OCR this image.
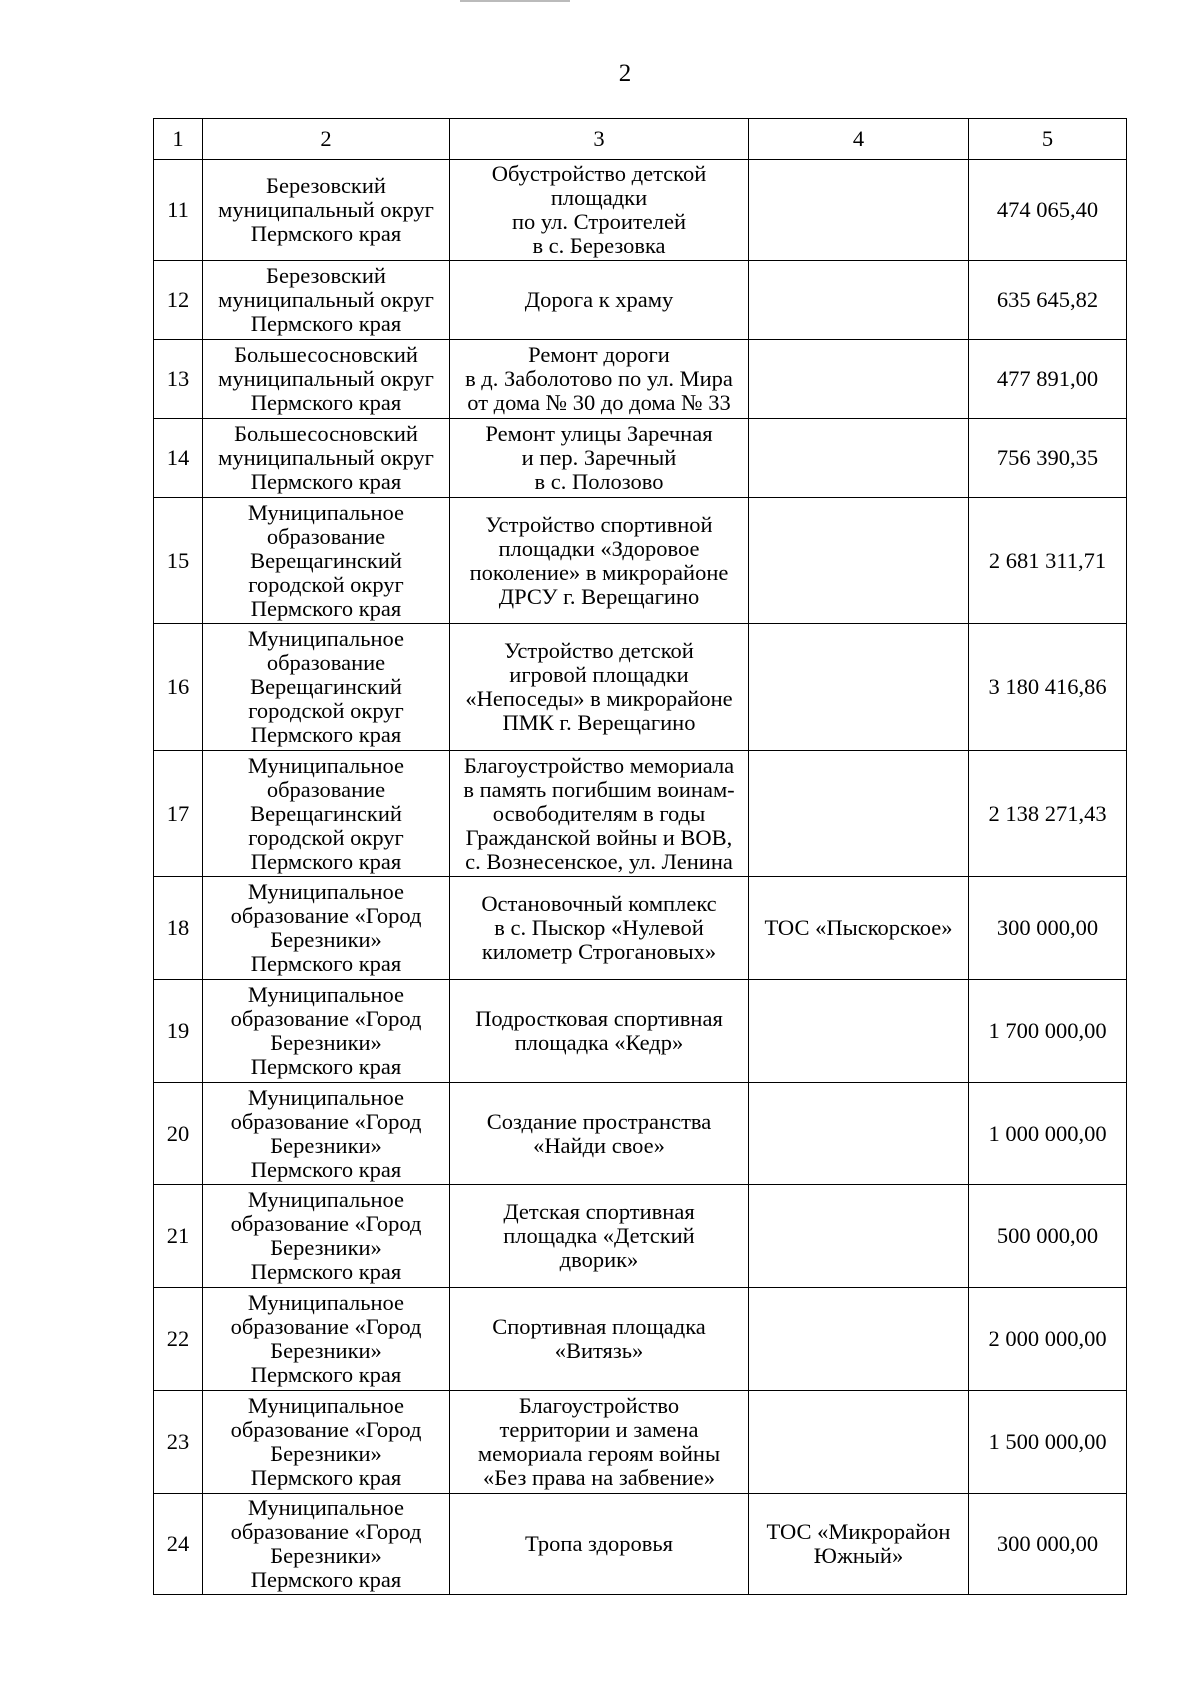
2
1	2	3	4	5
11	Березовский
муниципальный округ
Пермского края	Обустройство детской
площадки
по ул. Строителей
в с. Березовка		474 065,40
12	Березовский
муниципальный округ
Пермского края	Дорога к храму		635 645,82
13	Большесосновский
муниципальный округ
Пермского края	Ремонт дороги
в д. Заболотово по ул. Мира
от дома № 30 до дома № 33		477 891,00
14	Большесосновский
муниципальный округ
Пермского края	Ремонт улицы Заречная
и пер. Заречный
в с. Полозово		756 390,35
15	Муниципальное
образование
Верещагинский
городской округ
Пермского края	Устройство спортивной
площадки «Здоровое
поколение» в микрорайоне
ДРСУ г. Верещагино		2 681 311,71
16	Муниципальное
образование
Верещагинский
городской округ
Пермского края	Устройство детской
игровой площадки
«Непоседы» в микрорайоне
ПМК г. Верещагино		3 180 416,86
17	Муниципальное
образование
Верещагинский
городской округ
Пермского края	Благоустройство мемориала
в память погибшим воинам-
освободителям в годы
Гражданской войны и ВОВ,
с. Вознесенское, ул. Ленина		2 138 271,43
18	Муниципальное
образование «Город
Березники»
Пермского края	Остановочный комплекс
в с. Пыскор «Нулевой
километр Строгановых»	ТОС «Пыскорское»	300 000,00
19	Муниципальное
образование «Город
Березники»
Пермского края	Подростковая спортивная
площадка «Кедр»		1 700 000,00
20	Муниципальное
образование «Город
Березники»
Пермского края	Создание пространства
«Найди свое»		1 000 000,00
21	Муниципальное
образование «Город
Березники»
Пермского края	Детская спортивная
площадка «Детский
дворик»		500 000,00
22	Муниципальное
образование «Город
Березники»
Пермского края	Спортивная площадка
«Витязь»		2 000 000,00
23	Муниципальное
образование «Город
Березники»
Пермского края	Благоустройство
территории и замена
мемориала героям войны
«Без права на забвение»		1 500 000,00
24	Муниципальное
образование «Город
Березники»
Пермского края	Тропа здоровья	ТОС «Микрорайон
Южный»	300 000,00
